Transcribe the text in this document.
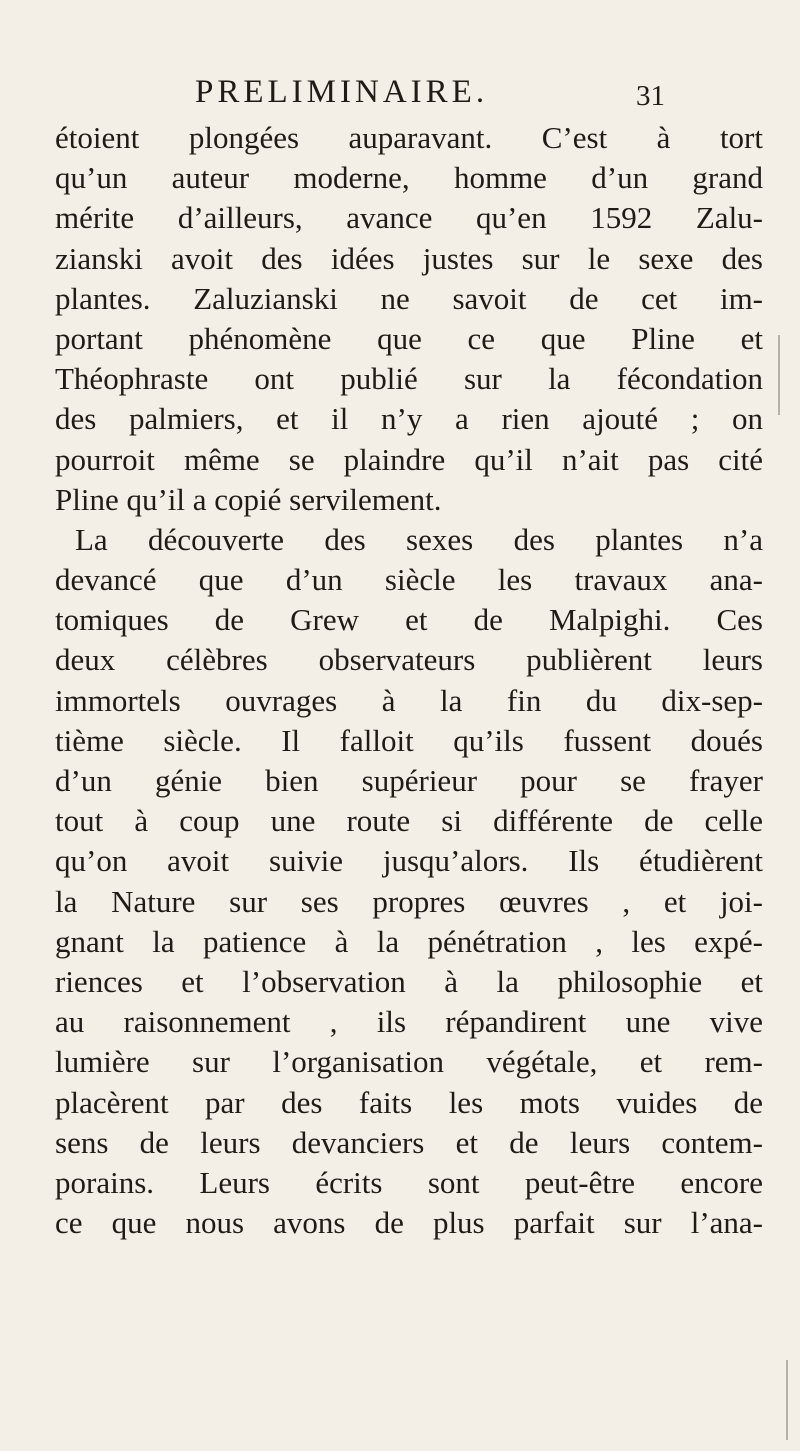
PRELIMINAIRE.	31
étoient plongées auparavant. C’est à tort
qu’un auteur moderne, homme d’un grand
mérite d’ailleurs, avance qu’en 1592 Zalu-
zianski avoit des idées justes sur le sexe des
plantes. Zaluzianski ne savoit de cet im-
portant phénomène que ce que Pline et
Théophraste ont publié sur la fécondation
des palmiers, et il n’y a rien ajouté ; on
pourroit même se plaindre qu’il n’ait pas cité
Pline qu’il a copié servilement.
La découverte des sexes des plantes n’a
devancé que d’un siècle les travaux ana-
tomiques de Grew et de Malpighi. Ces
deux célèbres observateurs publièrent leurs
immortels ouvrages à la fin du dix-sep-
tième siècle. Il falloit qu’ils fussent doués
d’un génie bien supérieur pour se frayer
tout à coup une route si différente de celle
qu’on avoit suivie jusqu’alors. Ils étudièrent
la Nature sur ses propres œuvres , et joi-
gnant la patience à la pénétration , les expé-
riences et l’observation à la philosophie et
au raisonnement , ils répandirent une vive
lumière sur l’organisation végétale, et rem-
placèrent par des faits les mots vuides de
sens de leurs devanciers et de leurs contem-
porains. Leurs écrits sont peut-être encore
ce que nous avons de plus parfait sur l’ana-
